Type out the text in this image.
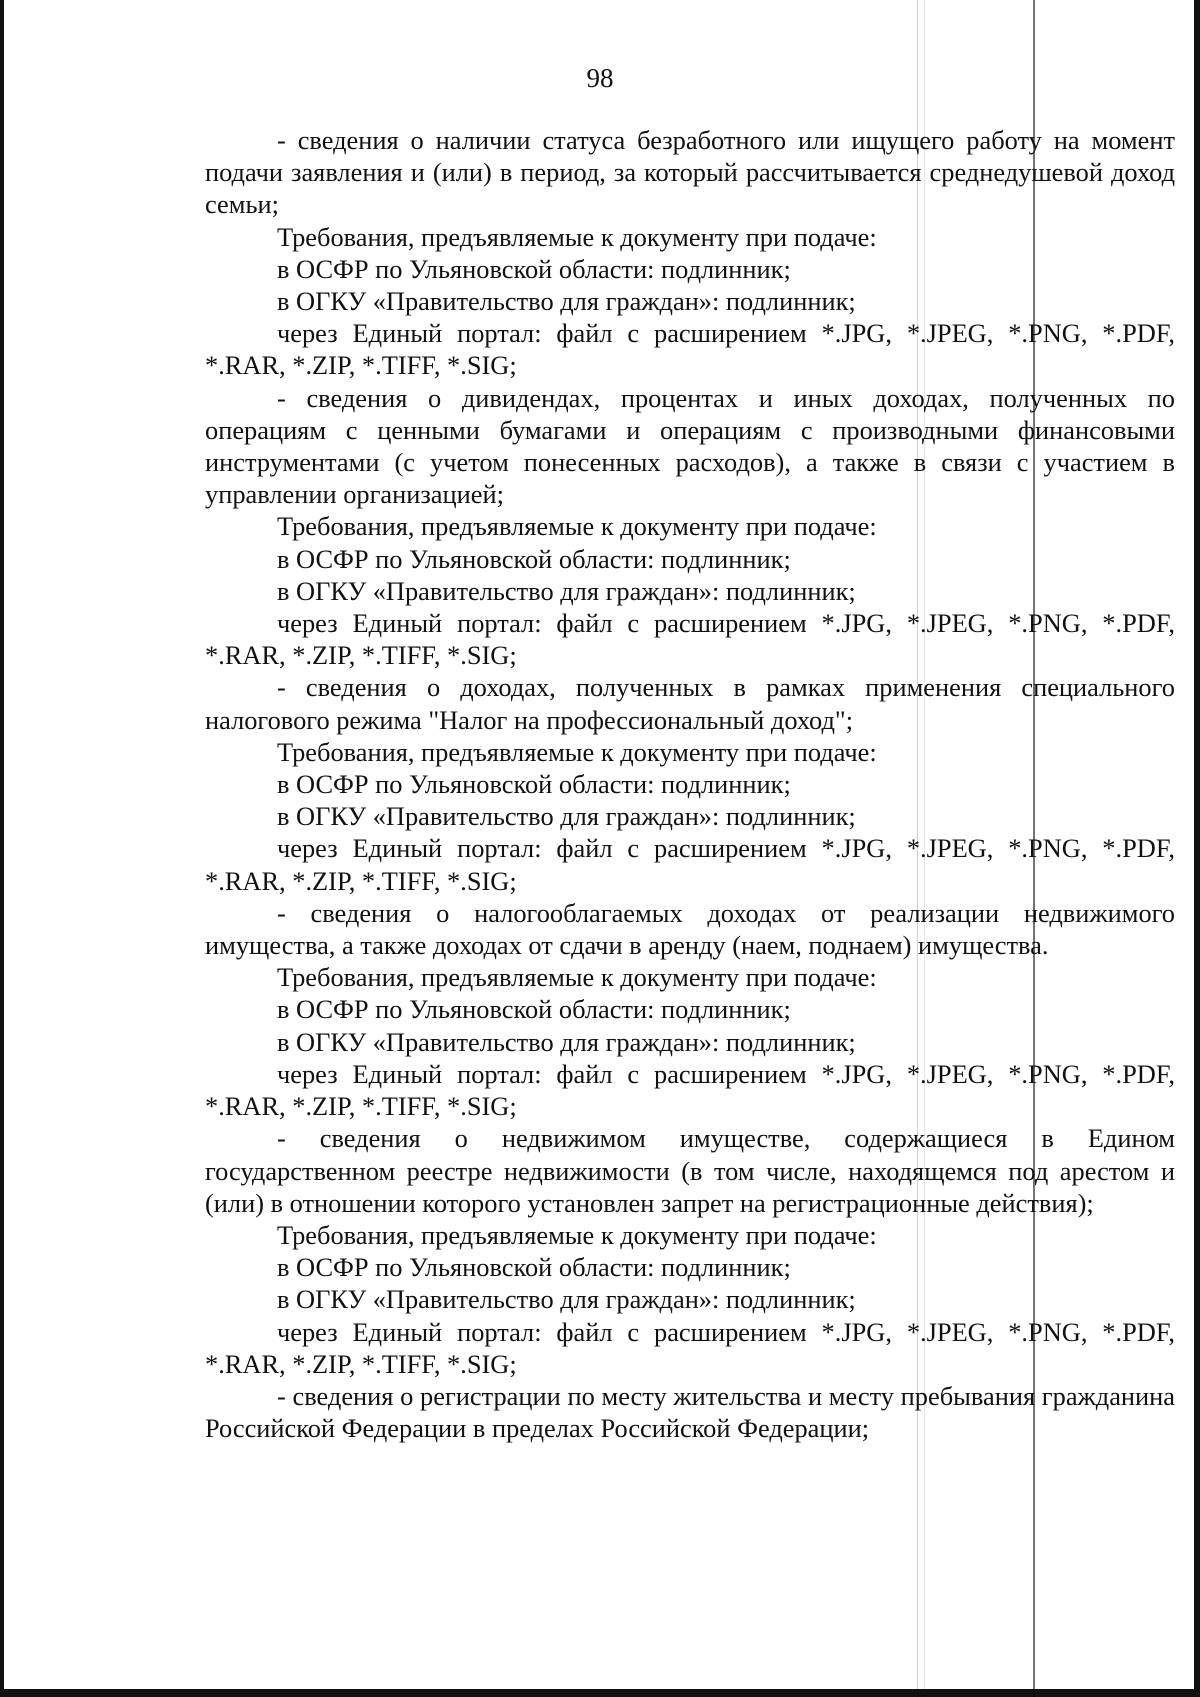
98

- сведения о наличии статуса безработного или ищущего работу на момент подачи заявления и (или) в период, за который рассчитывается среднедушевой доход семьи;

Требования, предъявляемые к документу при подаче:

в ОСФР по Ульяновской области: подлинник;

в ОГКУ «Правительство для граждан»: подлинник;

через Единый портал: файл с расширением *.JPG, *.JPEG, *.PNG, *.PDF, *.RAR, *.ZIP, *.TIFF, *.SIG;

- сведения о дивидендах, процентах и иных доходах, полученных по операциям с ценными бумагами и операциям с производными финансовыми инструментами (с учетом понесенных расходов), а также в связи с участием в управлении организацией;

Требования, предъявляемые к документу при подаче:

в ОСФР по Ульяновской области: подлинник;

в ОГКУ «Правительство для граждан»: подлинник;

через Единый портал: файл с расширением *.JPG, *.JPEG, *.PNG, *.PDF, *.RAR, *.ZIP, *.TIFF, *.SIG;

- сведения о доходах, полученных в рамках применения специального налогового режима "Налог на профессиональный доход";

Требования, предъявляемые к документу при подаче:

в ОСФР по Ульяновской области: подлинник;

в ОГКУ «Правительство для граждан»: подлинник;

через Единый портал: файл с расширением *.JPG, *.JPEG, *.PNG, *.PDF, *.RAR, *.ZIP, *.TIFF, *.SIG;

- сведения о налогооблагаемых доходах от реализации недвижимого имущества, а также доходах от сдачи в аренду (наем, поднаем) имущества.

Требования, предъявляемые к документу при подаче:

в ОСФР по Ульяновской области: подлинник;

в ОГКУ «Правительство для граждан»: подлинник;

через Единый портал: файл с расширением *.JPG, *.JPEG, *.PNG, *.PDF, *.RAR, *.ZIP, *.TIFF, *.SIG;

- сведения о недвижимом имуществе, содержащиеся в Едином государственном реестре недвижимости (в том числе, находящемся под арестом и (или) в отношении которого установлен запрет на регистрационные действия);

Требования, предъявляемые к документу при подаче:

в ОСФР по Ульяновской области: подлинник;

в ОГКУ «Правительство для граждан»: подлинник;

через Единый портал: файл с расширением *.JPG, *.JPEG, *.PNG, *.PDF, *.RAR, *.ZIP, *.TIFF, *.SIG;

- сведения о регистрации по месту жительства и месту пребывания гражданина Российской Федерации в пределах Российской Федерации;
